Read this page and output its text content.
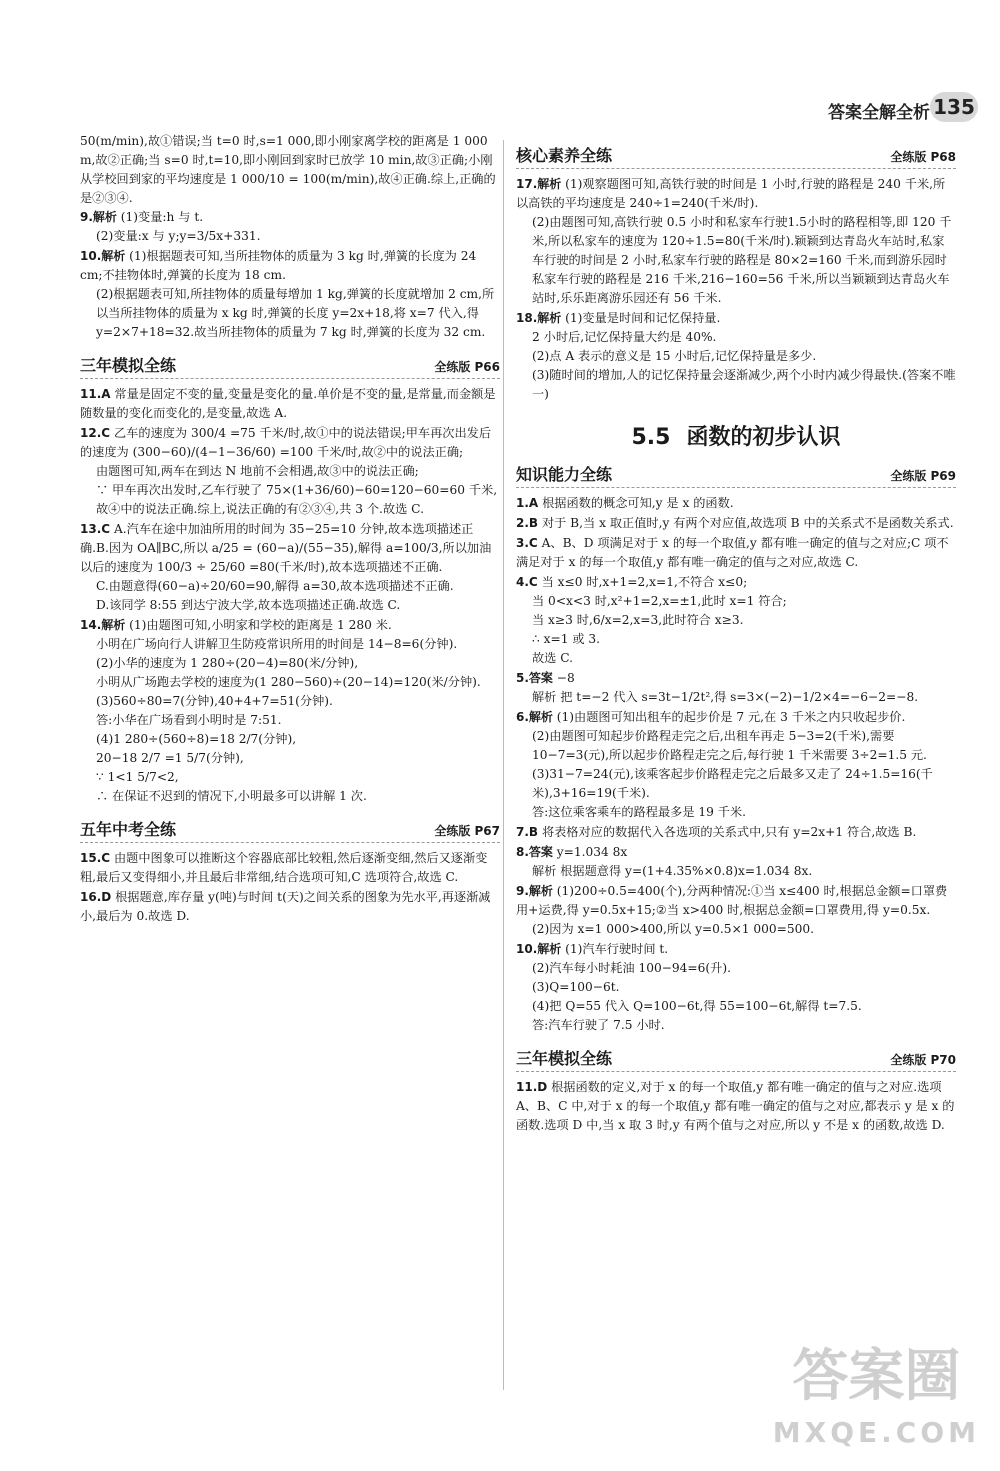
答案全解全析 135

50(m/min),故①错误;当 t=0 时,s=1 000,即小刚家离学校的距离是 1 000 m,故②正确;当 s=0 时,t=10,即小刚回到家时已放学 10 min,故③正确;小刚从学校回到家的平均速度是 1 000/10 = 100(m/min),故④正确.综上,正确的是②③④.

9.解析 (1)变量:h 与 t.

(2)变量:x 与 y;y=3/5x+331.

10.解析 (1)根据题表可知,当所挂物体的质量为 3 kg 时,弹簧的长度为 24 cm;不挂物体时,弹簧的长度为 18 cm.

(2)根据题表可知,所挂物体的质量每增加 1 kg,弹簧的长度就增加 2 cm,所以当所挂物体的质量为 x kg 时,弹簧的长度 y=2x+18,将 x=7 代入,得 y=2×7+18=32.故当所挂物体的质量为 7 kg 时,弹簧的长度为 32 cm.

三年模拟全练	全练版 P66

11.A 常量是固定不变的量,变量是变化的量.单价是不变的量,是常量,而金额是随数量的变化而变化的,是变量,故选 A.

12.C 乙车的速度为 300/4 =75 千米/时,故①中的说法错误;甲车再次出发后的速度为 (300−60)/(4−1−36/60) =100 千米/时,故②中的说法正确;

由题图可知,两车在到达 N 地前不会相遇,故③中的说法正确;

∵ 甲车再次出发时,乙车行驶了 75×(1+36/60)−60=120−60=60 千米,故④中的说法正确.综上,说法正确的有②③④,共 3 个.故选 C.

13.C A.汽车在途中加油所用的时间为 35−25=10 分钟,故本选项描述正确.B.因为 OA∥BC,所以 a/25 = (60−a)/(55−35),解得 a=100/3,所以加油以后的速度为 100/3 ÷ 25/60 =80(千米/时),故本选项描述不正确.

C.由题意得(60−a)÷20/60=90,解得 a=30,故本选项描述不正确.

D.该同学 8:55 到达宁波大学,故本选项描述正确.故选 C.

14.解析 (1)由题图可知,小明家和学校的距离是 1 280 米.

小明在广场向行人讲解卫生防疫常识所用的时间是 14−8=6(分钟).

(2)小华的速度为 1 280÷(20−4)=80(米/分钟),

小明从广场跑去学校的速度为(1 280−560)÷(20−14)=120(米/分钟).

(3)560÷80=7(分钟),40+4+7=51(分钟).

答:小华在广场看到小明时是 7:51.

(4)1 280÷(560÷8)=18 2/7(分钟),

20−18 2/7 =1 5/7(分钟),

∵ 1<1 5/7<2,

∴ 在保证不迟到的情况下,小明最多可以讲解 1 次.

五年中考全练	全练版 P67

15.C 由题中图象可以推断这个容器底部比较粗,然后逐渐变细,然后又逐渐变粗,最后又变得细小,并且最后非常细,结合选项可知,C 选项符合,故选 C.

16.D 根据题意,库存量 y(吨)与时间 t(天)之间关系的图象为先水平,再逐渐减小,最后为 0.故选 D.

核心素养全练	全练版 P68

17.解析 (1)观察题图可知,高铁行驶的时间是 1 小时,行驶的路程是 240 千米,所以高铁的平均速度是 240÷1=240(千米/时).

(2)由题图可知,高铁行驶 0.5 小时和私家车行驶1.5小时的路程相等,即 120 千米,所以私家车的速度为 120÷1.5=80(千米/时).颖颖到达青岛火车站时,私家车行驶的时间是 2 小时,私家车行驶的路程是 80×2=160 千米,而到游乐园时私家车行驶的路程是 216 千米,216−160=56 千米,所以当颖颖到达青岛火车站时,乐乐距离游乐园还有 56 千米.

18.解析 (1)变量是时间和记忆保持量.

2 小时后,记忆保持量大约是 40%.

(2)点 A 表示的意义是 15 小时后,记忆保持量是多少.

(3)随时间的增加,人的记忆保持量会逐渐减少,两个小时内减少得最快.(答案不唯一)

5.5 函数的初步认识
知识能力全练	全练版 P69

1.A 根据函数的概念可知,y 是 x 的函数.

2.B 对于 B,当 x 取正值时,y 有两个对应值,故选项 B 中的关系式不是函数关系式.

3.C A、B、D 项满足对于 x 的每一个取值,y 都有唯一确定的值与之对应;C 项不满足对于 x 的每一个取值,y 都有唯一确定的值与之对应,故选 C.

4.C 当 x≤0 时,x+1=2,x=1,不符合 x≤0;

当 0<x<3 时,x²+1=2,x=±1,此时 x=1 符合;

当 x≥3 时,6/x=2,x=3,此时符合 x≥3.

∴ x=1 或 3.

故选 C.

5.答案 −8

解析 把 t=−2 代入 s=3t−1/2t²,得 s=3×(−2)−1/2×4=−6−2=−8.

6.解析 (1)由题图可知出租车的起步价是 7 元,在 3 千米之内只收起步价.

(2)由题图可知起步价路程走完之后,出租车再走 5−3=2(千米),需要 10−7=3(元),所以起步价路程走完之后,每行驶 1 千米需要 3÷2=1.5 元.

(3)31−7=24(元),该乘客起步价路程走完之后最多又走了 24÷1.5=16(千米),3+16=19(千米).

答:这位乘客乘车的路程最多是 19 千米.

7.B 将表格对应的数据代入各选项的关系式中,只有 y=2x+1 符合,故选 B.

8.答案 y=1.034 8x

解析 根据题意得 y=(1+4.35%×0.8)x=1.034 8x.

9.解析 (1)200÷0.5=400(个),分两种情况:①当 x≤400 时,根据总金额=口罩费用+运费,得 y=0.5x+15;②当 x>400 时,根据总金额=口罩费用,得 y=0.5x.

(2)因为 x=1 000>400,所以 y=0.5×1 000=500.

10.解析 (1)汽车行驶时间 t.

(2)汽车每小时耗油 100−94=6(升).

(3)Q=100−6t.

(4)把 Q=55 代入 Q=100−6t,得 55=100−6t,解得 t=7.5.

答:汽车行驶了 7.5 小时.

三年模拟全练	全练版 P70

11.D 根据函数的定义,对于 x 的每一个取值,y 都有唯一确定的值与之对应.选项 A、B、C 中,对于 x 的每一个取值,y 都有唯一确定的值与之对应,都表示 y 是 x 的函数.选项 D 中,当 x 取 3 时,y 有两个值与之对应,所以 y 不是 x 的函数,故选 D.

答案圈
MXQE.COM
